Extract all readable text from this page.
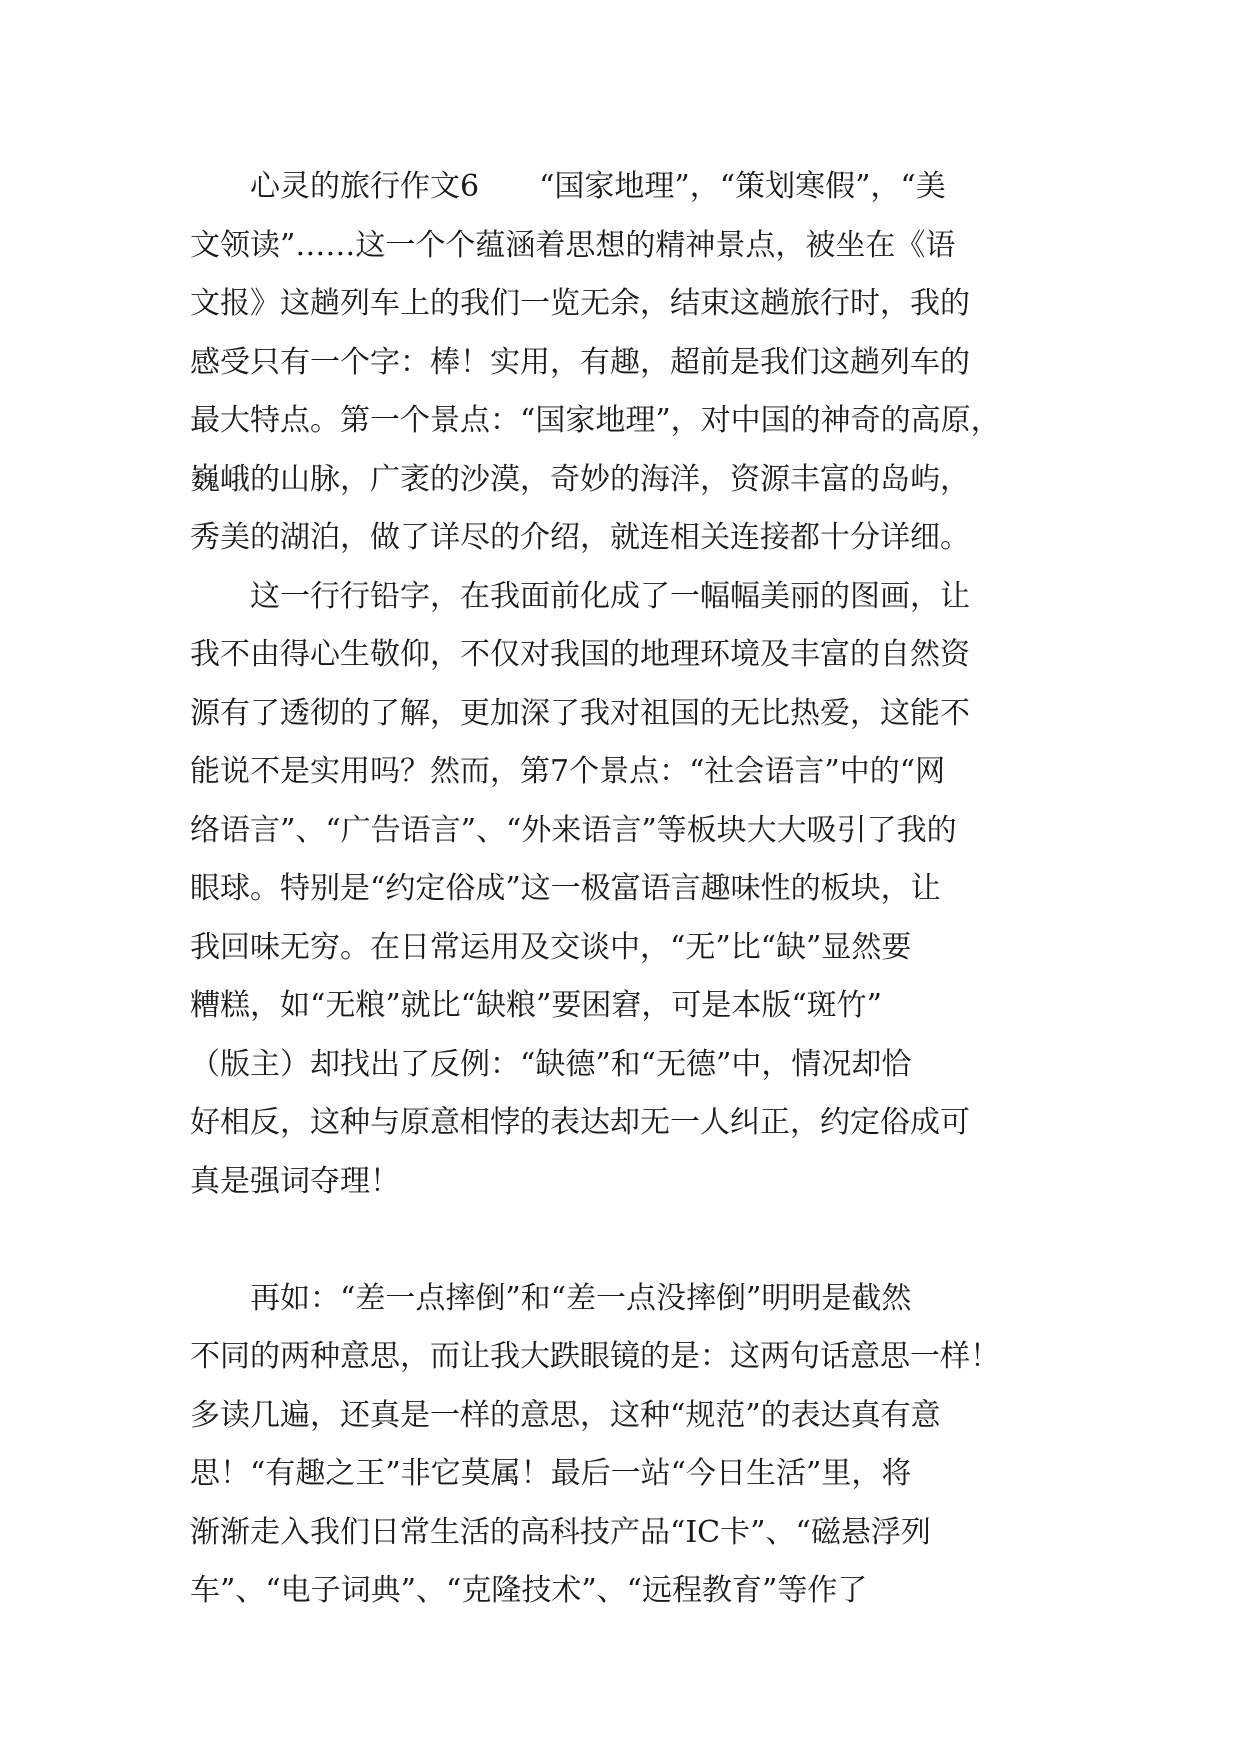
　　心灵的旅行作文6　　“国家地理”，“策划寒假”，“美
文领读”……这一个个蕴涵着思想的精神景点，被坐在《语
文报》这趟列车上的我们一览无余，结束这趟旅行时，我的
感受只有一个字：棒！实用，有趣，超前是我们这趟列车的
最大特点。第一个景点：“国家地理”，对中国的神奇的高原，
巍峨的山脉，广袤的沙漠，奇妙的海洋，资源丰富的岛屿，
秀美的湖泊，做了详尽的介绍，就连相关连接都十分详细。
　　这一行行铅字，在我面前化成了一幅幅美丽的图画，让
我不由得心生敬仰，不仅对我国的地理环境及丰富的自然资
源有了透彻的了解，更加深了我对祖国的无比热爱，这能不
能说不是实用吗？然而，第7个景点：“社会语言”中的“网
络语言”、“广告语言”、“外来语言”等板块大大吸引了我的
眼球。特别是“约定俗成”这一极富语言趣味性的板块，让
我回味无穷。在日常运用及交谈中，“无”比“缺”显然要
糟糕，如“无粮”就比“缺粮”要困窘，可是本版“斑竹”
（版主）却找出了反例：“缺德”和“无德”中，情况却恰
好相反，这种与原意相悖的表达却无一人纠正，约定俗成可
真是强词夺理！
　　再如：“差一点摔倒”和“差一点没摔倒”明明是截然
不同的两种意思，而让我大跌眼镜的是：这两句话意思一样！
多读几遍，还真是一样的意思，这种“规范”的表达真有意
思！“有趣之王”非它莫属！最后一站“今日生活”里，将
渐渐走入我们日常生活的高科技产品“IC卡”、“磁悬浮列
车”、“电子词典”、“克隆技术”、“远程教育”等作了
